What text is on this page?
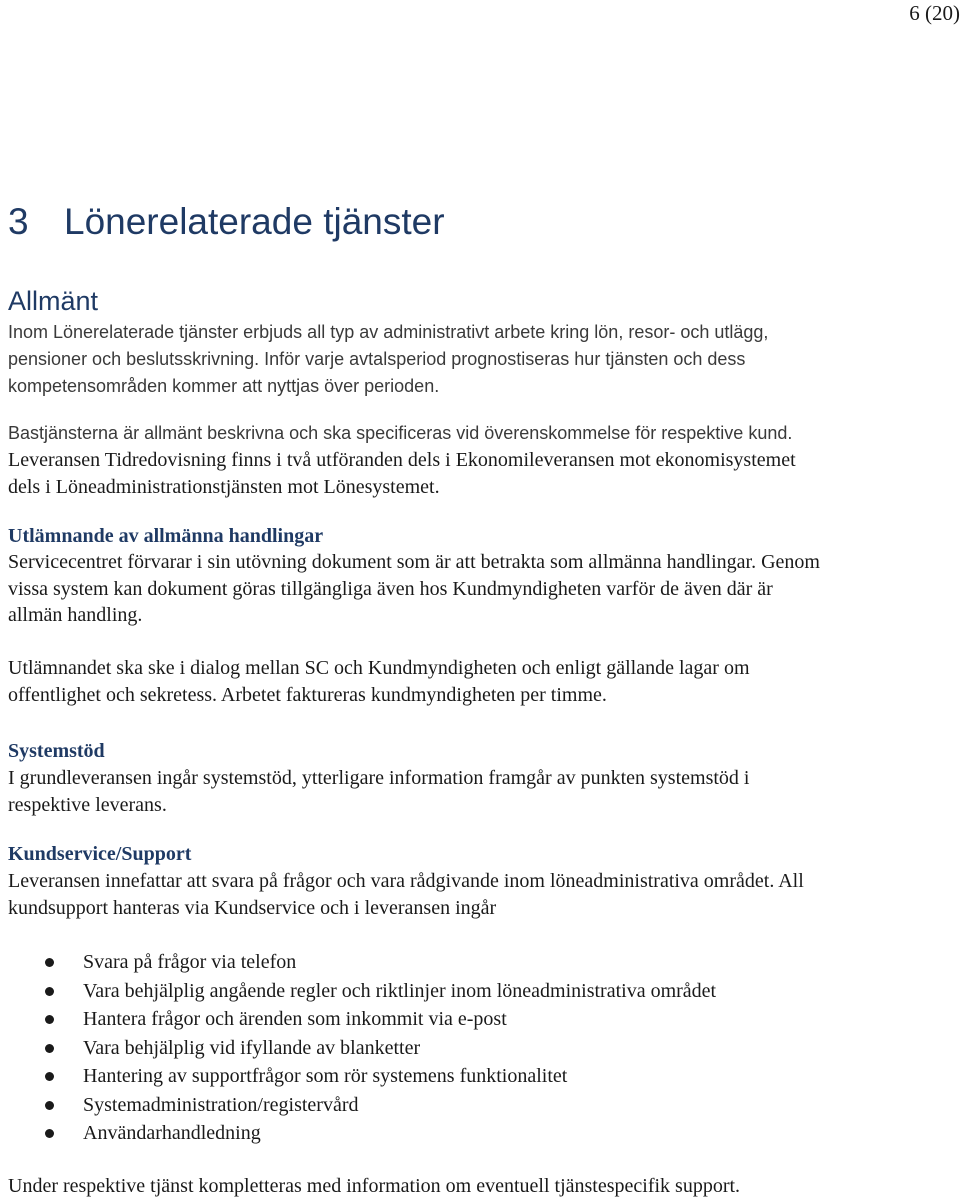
6 (20)
3 Lönerelaterade tjänster
Allmänt
Inom Lönerelaterade tjänster erbjuds all typ av administrativt arbete kring lön, resor- och utlägg,
pensioner och beslutsskrivning. Inför varje avtalsperiod prognostiseras hur tjänsten och dess
kompetensområden kommer att nyttjas över perioden.
Bastjänsterna är allmänt beskrivna och ska specificeras vid överenskommelse för respektive kund.
Leveransen Tidredovisning finns i två utföranden dels i Ekonomileveransen mot ekonomisystemet
dels i Löneadministrationstjänsten mot Lönesystemet.
Utlämnande av allmänna handlingar
Servicecentret förvarar i sin utövning dokument som är att betrakta som allmänna handlingar. Genom
vissa system kan dokument göras tillgängliga även hos Kundmyndigheten varför de även där är
allmän handling.
Utlämnandet ska ske i dialog mellan SC och Kundmyndigheten och enligt gällande lagar om
offentlighet och sekretess. Arbetet faktureras kundmyndigheten per timme.
Systemstöd
I grundleveransen ingår systemstöd, ytterligare information framgår av punkten systemstöd i
respektive leverans.
Kundservice/Support
Leveransen innefattar att svara på frågor och vara rådgivande inom löneadministrativa området. All
kundsupport hanteras via Kundservice och i leveransen ingår
Svara på frågor via telefon
Vara behjälplig angående regler och riktlinjer inom löneadministrativa området
Hantera frågor och ärenden som inkommit via e-post
Vara behjälplig vid ifyllande av blanketter
Hantering av supportfrågor som rör systemens funktionalitet
Systemadministration/registervård
Användarhandledning
Under respektive tjänst kompletteras med information om eventuell tjänstespecifik support.
